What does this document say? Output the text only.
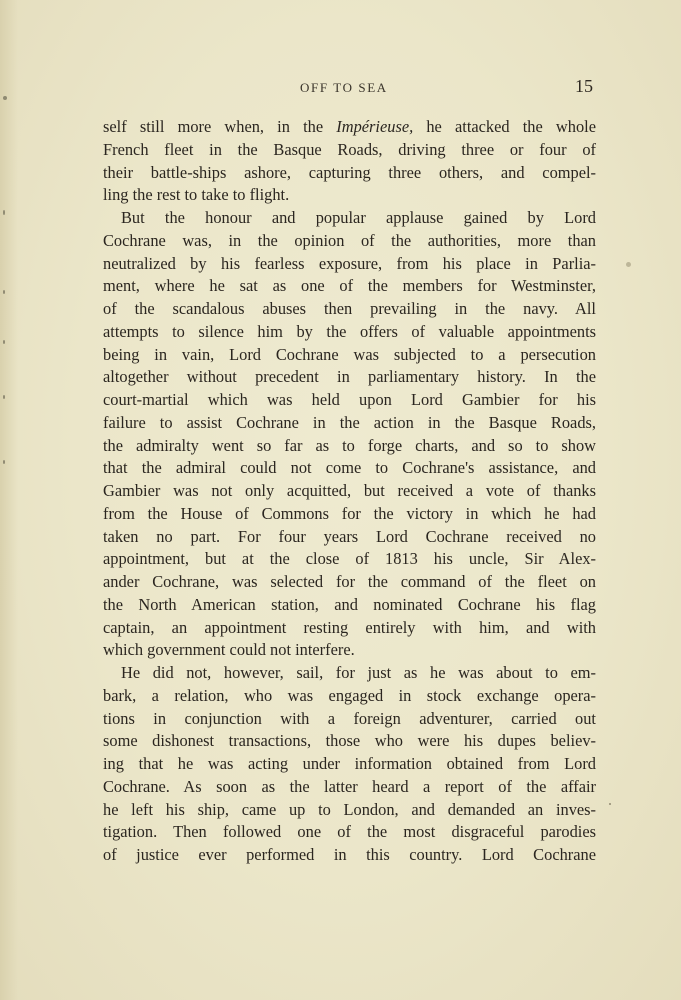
OFF TO SEA	15
self still more when, in the Impérieuse, he attacked the whole
French fleet in the Basque Roads, driving three or four of
their battle-ships ashore, capturing three others, and compel-
ling the rest to take to flight.
But the honour and popular applause gained by Lord
Cochrane was, in the opinion of the authorities, more than
neutralized by his fearless exposure, from his place in Parlia-
ment, where he sat as one of the members for Westminster,
of the scandalous abuses then prevailing in the navy. All
attempts to silence him by the offers of valuable appointments
being in vain, Lord Cochrane was subjected to a persecution
altogether without precedent in parliamentary history. In the
court-martial which was held upon Lord Gambier for his
failure to assist Cochrane in the action in the Basque Roads,
the admiralty went so far as to forge charts, and so to show
that the admiral could not come to Cochrane's assistance, and
Gambier was not only acquitted, but received a vote of thanks
from the House of Commons for the victory in which he had
taken no part. For four years Lord Cochrane received no
appointment, but at the close of 1813 his uncle, Sir Alex-
ander Cochrane, was selected for the command of the fleet on
the North American station, and nominated Cochrane his flag
captain, an appointment resting entirely with him, and with
which government could not interfere.
He did not, however, sail, for just as he was about to em-
bark, a relation, who was engaged in stock exchange opera-
tions in conjunction with a foreign adventurer, carried out
some dishonest transactions, those who were his dupes believ-
ing that he was acting under information obtained from Lord
Cochrane. As soon as the latter heard a report of the affair
he left his ship, came up to London, and demanded an inves-
tigation. Then followed one of the most disgraceful parodies
of justice ever performed in this country. Lord Cochrane
